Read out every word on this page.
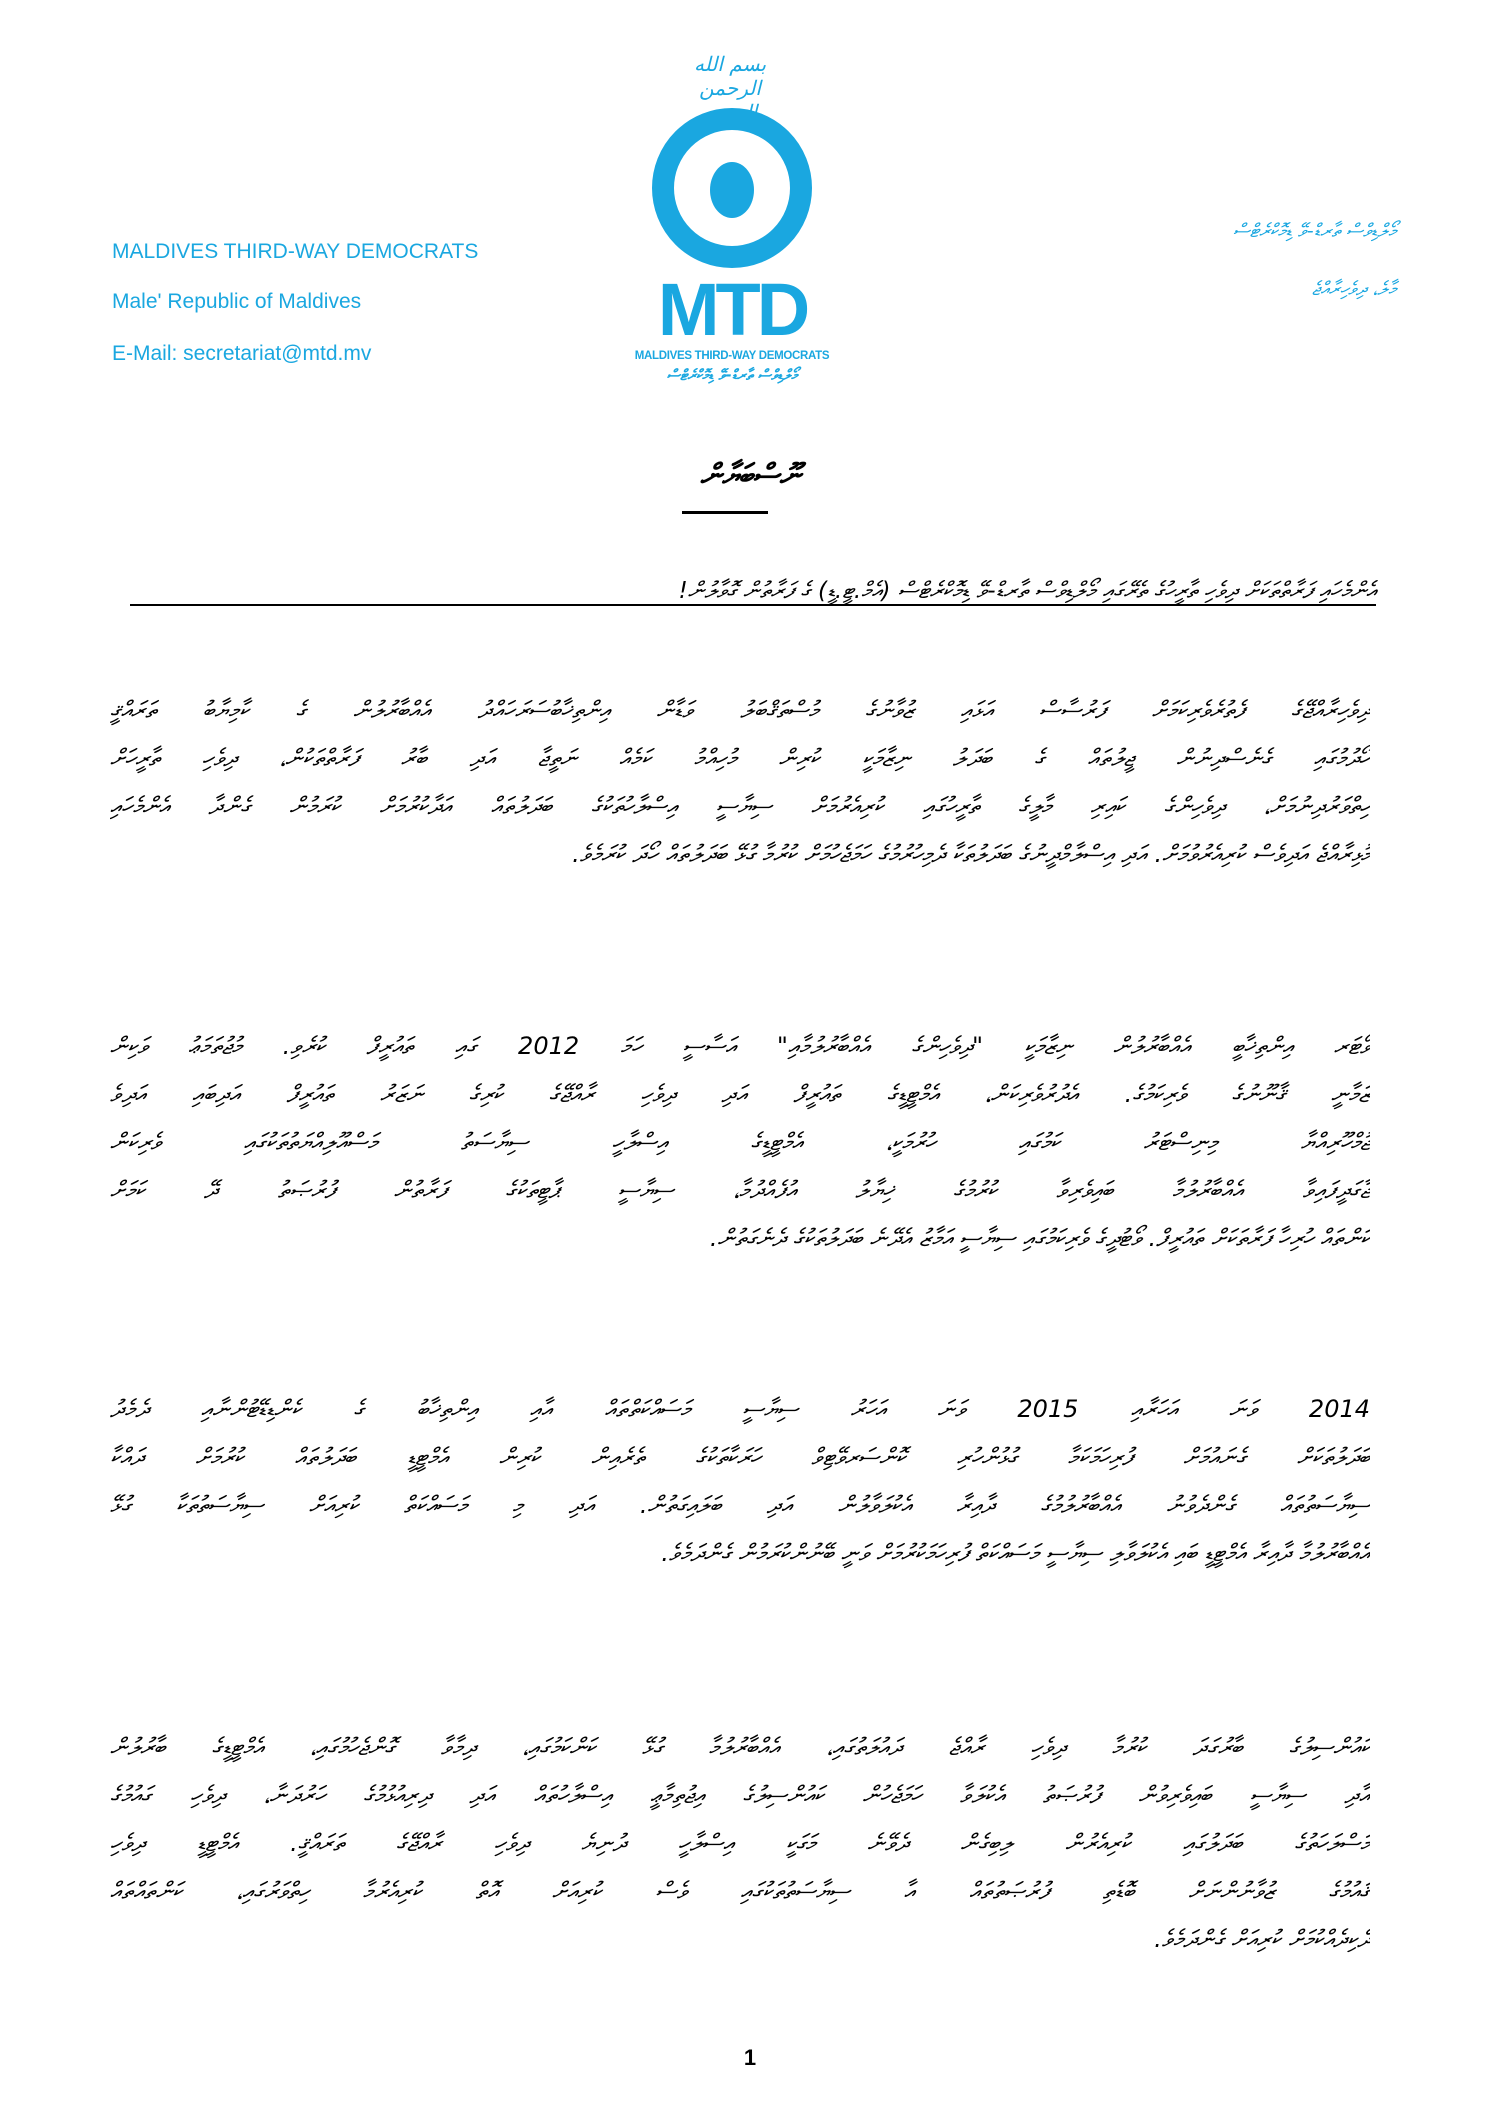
بسم الله الرحمن الرحيم
MALDIVES THIRD-WAY DEMOCRATS
Male' Republic of Maldives
E-Mail: secretariat@mtd.mv
މޯލްޑިވްސް ތާރޑް-ވޭ ޑިމޮކްރެޓްސް
މާލެ، ދިވެހިރާއްޖެ
MTD
MALDIVES THIRD-WAY DEMOCRATS
މޯލްޑިވްސް ތާރޑް-ވޭ ޑިމޮކްރެޓްސް
ނޫސްބަޔާން
އެންމެހައި ފަރާތްތަކަށް ދިވެހި ތާރީހުގެ ތެރޭގައި މޯލްޑިވްސް ތާރޑް-ވޭ ޑިމޮކްރެޓްސް (އެމް.ޓީ.ޑީ) ގެ ފަރާތުން ގޮވާލުން!
ދިވެހިރާއްޖޭގެ ފެތުރެވެރިކަމަށް ފަރުސާސް އަޅައި ޒުވާނުގެ މުސްތަޤްބަލު ވަޑާން އިންތިޚާބުސަރަހައްދު އެއްބާރުލުން ގެ ކާމިޔާބު ތަރައްޤީ
ހޯދުމުގައި ގެނެސްދިނުން ޖީލުތައް ގެ ބަދަލު ނިޒާމަކީ ކުރިން މުހިއްމު ކަމެއް ނަތީޖާ އަދި ބާރު ފަރާތްތަކުން، ދިވެހި ތާރީހަށް
ހިތްވަރުދިނުމަށް، ދިވެހިންގެ ކައިރި މާލީގެ ތާރީހުގައި ކުރިއެރުމަށް ސިޔާސީ އިސްލާހުތަކުގެ ބަދަލުތައް އަދާކުރުމަށް ކުރަމުން ގެންދާ އެންމެހައި
މުޅިރާއްޖެ އަދިވެސް ކުރިއެރުވުމަށް. އަދި އިސްލާމްދީނުގެ ބަދަލުތަކާ ދެމިހުރުމުގެ ހަމަޖެހުމަށް ކުރުމާ ގުޅޭ ބަދަލުތައް ހޯދަ ކުރަމެވެ.
ވޯޓަރ އިންތިޚާބީ އެއްބާރުލުން ނިޒާމަކީ "ދިވެހިންގެ އެއްބާރުލުމާއި" އަސާސީ ހަމަ 2012 ގައި ތައުރީފް ކުރެވި. މުޖުތަމަޢު ވަކިން
ޒަމާނީ ޤާނޫނުގެ ވެރިކަމުގެ. އެދުރުވެރިކަން، އެމްޓީޑީގެ ތައުރީފް އަދި ދިވެހި ރާއްޖޭގެ ކުރިގެ ނަޒަރު ތައުރީފް އަދިބައި އަދިވެ
ޖުމްހޫރިއްޔާ މިނިސްޓަރު ކަމުގައި ހުރުމަކީ، އެމްޓީޑީގެ އިސްލާހީ ސިޔާސަތު މަސްއޫލިއްޔަތުތަކުގައި ވެރިކަން
ޖާގަދީފައިވާ އެއްބާރުލުމާ ބައިވެރިވާ ކުރުމުގެ ޚިޔާލު އުފެއްދުމާ، ސިޔާސީ ޕާޓީތަކުގެ ފަރާތުން ފުރުޞަތު ދޭ ކަމަށް
ކަންތައް ހުރިހާ ފަރާތަކަށް ތައުރީފް. ވޯޓުދީގެ ވެރިކަމުގައި ސިޔާސީ އަމާޒު އެދޭނެ ބަދަލުތަކުގެ ދެނެގަތުން.
2014 ވަނަ އަހަރާއި 2015 ވަނަ އަހަރު ސިޔާސީ މަސައްކަތްތައް އާއި އިންތިޚާބު ގެ ކެންޑިޑޭޓުންނާއި ދެމެދު
ބަދަލުތަކަށް ގެނައުމަށް ފުރިހަމަކަމާ ގުޅުންހުރި ކޮންސަރވޭޓިވް ހަރަކާތަކުގެ ތެރެއިން ކުރިން އެމްޓީޑީ ބަދަލުތައް ކުރުމަށް ދައްކާ
ސިޔާސަތުތައް ގެންދެވުނު އެއްބާރުލުމުގެ ދާއިރާ އެކުލަވާލުން އަދި ބަލައިގަތުން. އަދި މި މަސައްކަތް ކުރިއަށް ސިޔާސަތުތަކާ ގުޅޭ
އެއްބާރުލުމާ ދާއިރާ އެމްޓީޑީ ބައި އެކުލަވާލި ސިޔާސީ މަސައްކަތް ފުރިހަމަކުރުމަށް ވަނީ ބޭނުންކުރަމުން ގެންދަމެވެ.
ކައުންސިލުގެ ބާރުގަދަ ކުރުމާ ދިވެހި ރާއްޖެ ދައުލަތުގައި، އެއްބާރުލުމާ ގުޅޭ ކަންކަމުގައި، ދިމާވާ ގޮންޖެހުމުގައި، އެމްޓީޑީގެ ބާރުލުން
އާދި ސިޔާސީ ބައިވެރިވުން ފުރުޞަތު އެކުލަވާ ހަމަޖެހުން ކައުންސިލުގެ އިޖުތިމާޢީ އިސްލާހުތައް އަދި ދިރިއުޅުމުގެ ހަރުދަނާ، ދިވެހި ގައުމުގެ
މަސްލަހަތުގެ ބަދަލުގައި ކުރިއެރުން ލިބިގެން ދެވޭނެ މަގަކީ އިސްލާހީ ދުނިޔެ ދިވެހި ރާއްޖޭގެ ތަރައްޤީ. އެމްޓީޑީ ދިވެހި
ޤައުމުގެ ޒުވާނުންނަށް ބޮޑެތި ފުރުޞަތުތައް އާ ސިޔާސަތުތަކުގައި ވެސް ކުރިއަށް އޮތް ކުރިއެރުމާ ހިތްވަރުގައި، ކަންތައްތައް
ދެކިދެއްކުމަށް ކުރިއަށް ގެންދަމެވެ.
1
